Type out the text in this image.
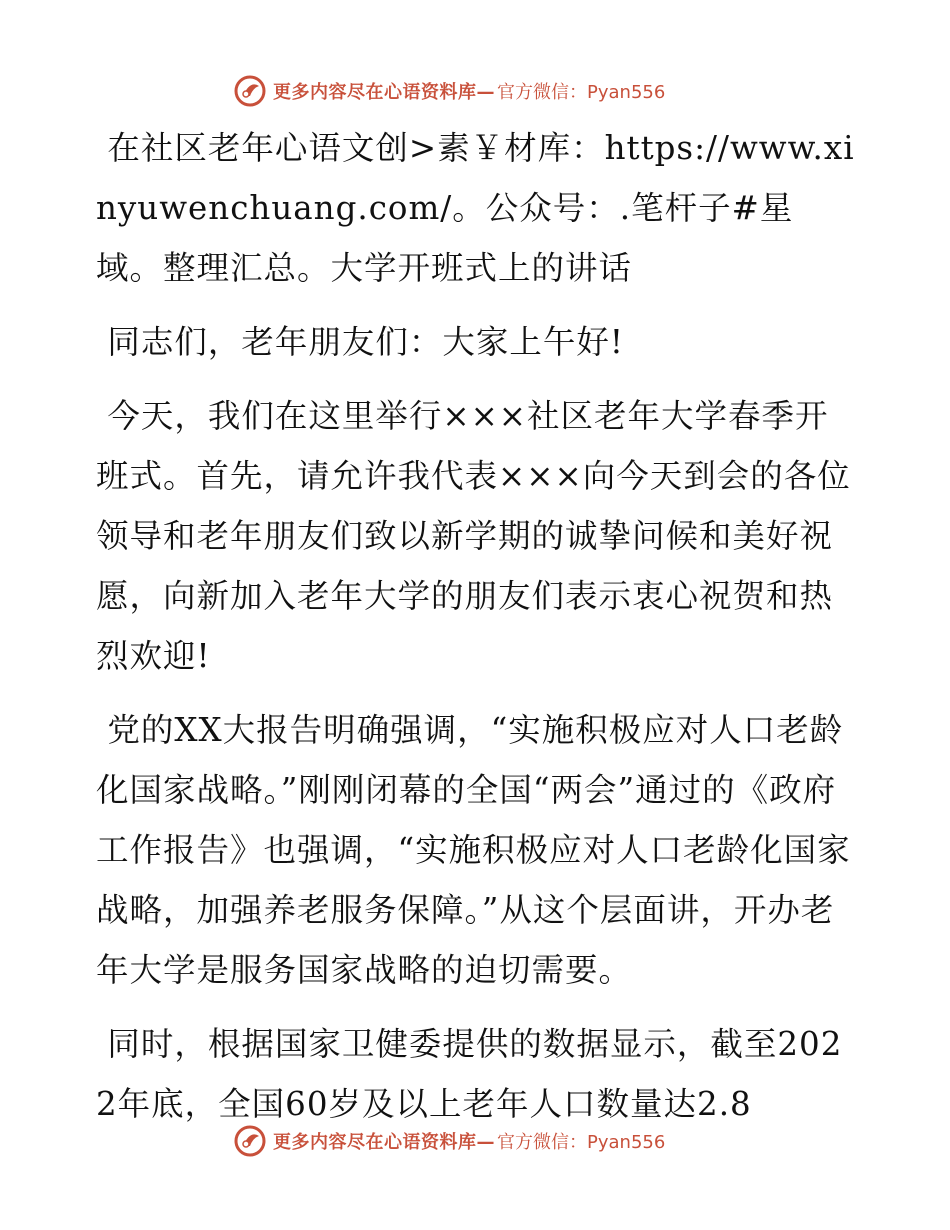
更多内容尽在心语资料库— 官方微信：Pyan556

在社区老年心语文创>素￥材库：https://www.xinyuwenchuang.com/。公众号：.笔杆子#星域。整理汇总。大学开班式上的讲话

同志们，老年朋友们：大家上午好!

今天，我们在这里举行×××社区老年大学春季开班式。首先，请允许我代表×××向今天到会的各位领导和老年朋友们致以新学期的诚挚问候和美好祝愿，向新加入老年大学的朋友们表示衷心祝贺和热烈欢迎!

党的XX大报告明确强调，“实施积极应对人口老龄化国家战略。”刚刚闭幕的全国“两会”通过的《政府工作报告》也强调，“实施积极应对人口老龄化国家战略，加强养老服务保障。”从这个层面讲，开办老年大学是服务国家战略的迫切需要。

同时，根据国家卫健委提供的数据显示，截至2022年底，全国60岁及以上老年人口数量达2.8

更多内容尽在心语资料库— 官方微信：Pyan556
